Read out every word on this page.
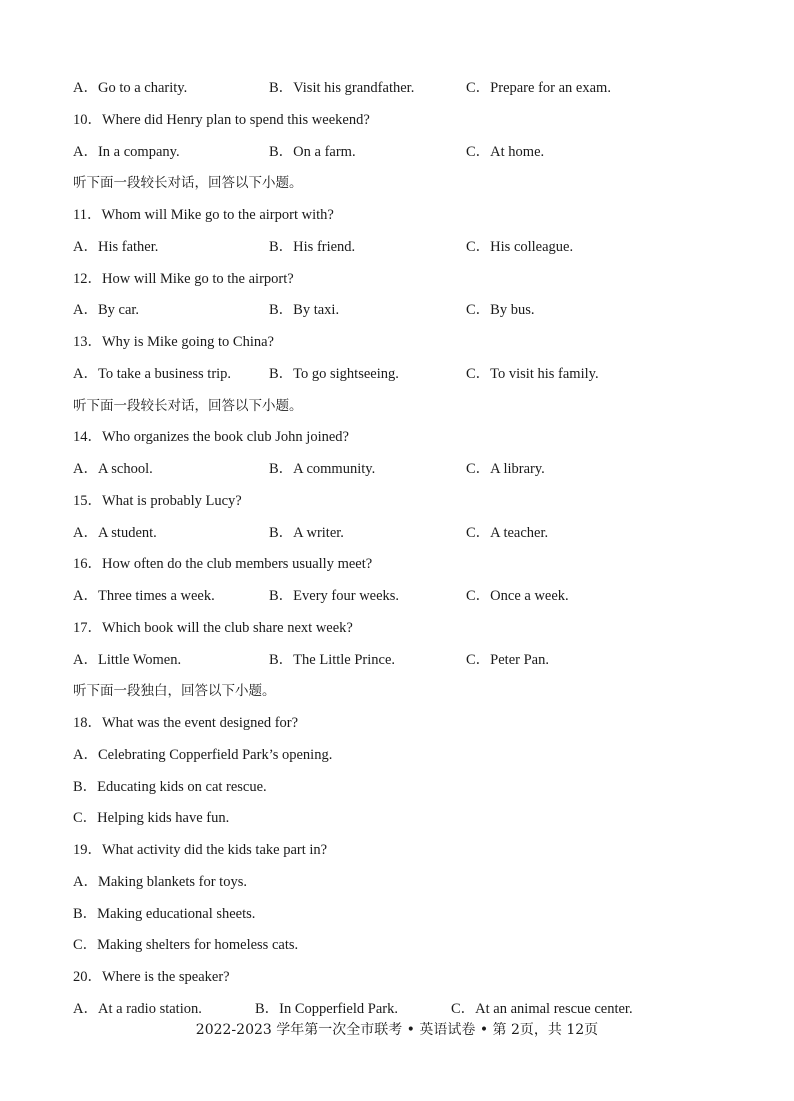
2022-2023 学年第一次全市联考 • 英语试卷 • 第 2页，共 12页
A．Go to a charity.	B．Visit his grandfather.	C．Prepare for an exam.
10．Where did Henry plan to spend this weekend?
A．In a company.	B．On a farm.	C．At home.
听下面一段较长对话，回答以下小题。
11．Whom will Mike go to the airport with?
A．His father.	B．His friend.	C．His colleague.
12．How will Mike go to the airport?
A．By car.	B．By taxi.	C．By bus.
13．Why is Mike going to China?
A．To take a business trip.	B．To go sightseeing.	C．To visit his family.
听下面一段较长对话，回答以下小题。
14．Who organizes the book club John joined?
A．A school.	B．A community.	C．A library.
15．What is probably Lucy?
A．A student.	B．A writer.	C．A teacher.
16．How often do the club members usually meet?
A．Three times a week.	B．Every four weeks.	C．Once a week.
17．Which book will the club share next week?
A．Little Women.	B．The Little Prince.	C．Peter Pan.
听下面一段独白，回答以下小题。
18．What was the event designed for?
A．Celebrating Copperfield Park’s opening.
B．Educating kids on cat rescue.
C．Helping kids have fun.
19．What activity did the kids take part in?
A．Making blankets for toys.
B．Making educational sheets.
C．Making shelters for homeless cats.
20．Where is the speaker?
A．At a radio station.	B．In Copperfield Park.	C．At an animal rescue center.
